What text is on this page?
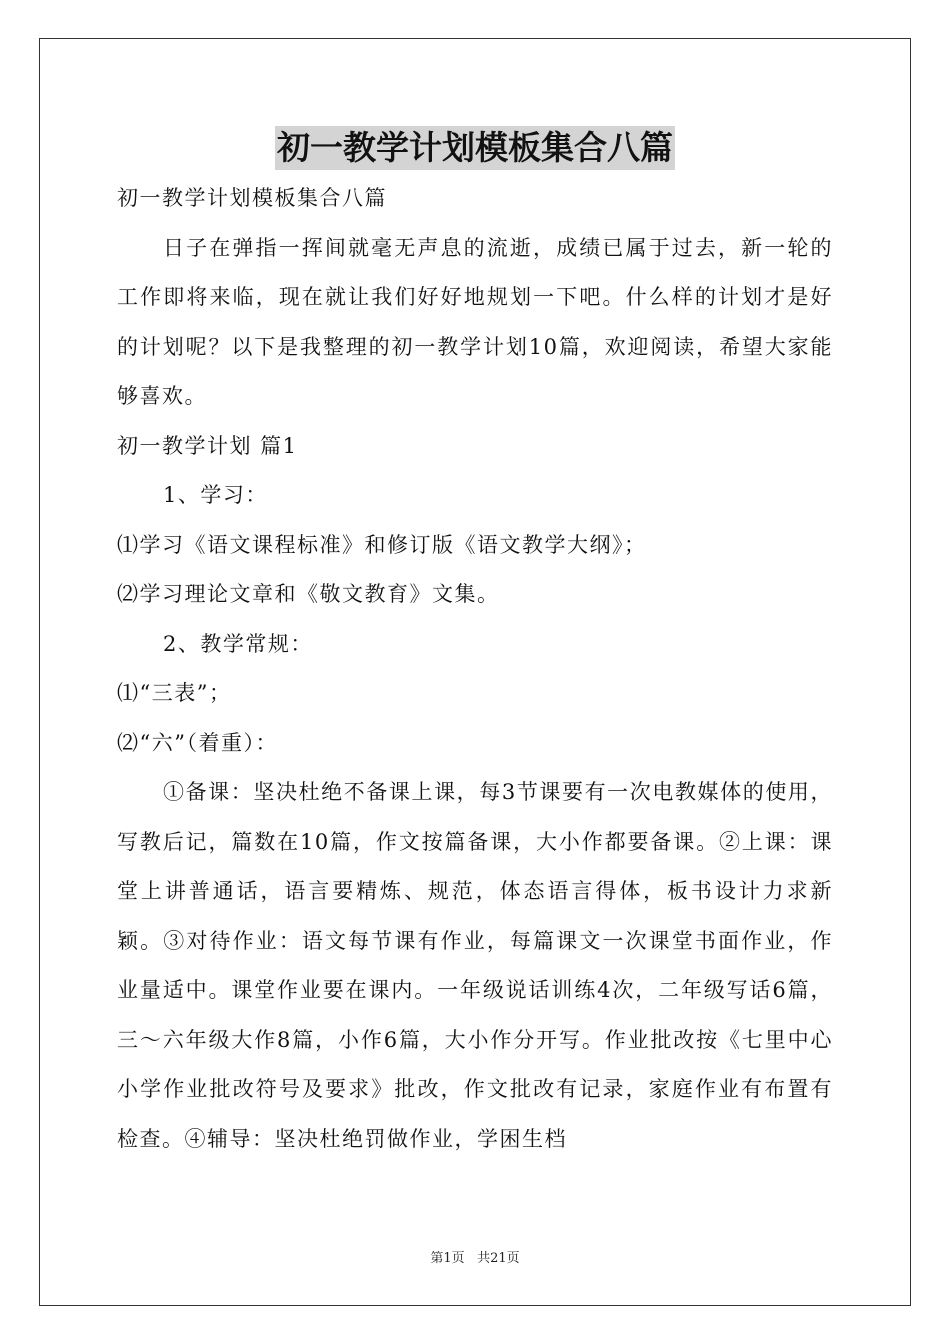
初一教学计划模板集合八篇

初一教学计划模板集合八篇

日子在弹指一挥间就毫无声息的流逝，成绩已属于过去，新一轮的工作即将来临，现在就让我们好好地规划一下吧。什么样的计划才是好的计划呢？以下是我整理的初一教学计划10篇，欢迎阅读，希望大家能够喜欢。

初一教学计划 篇1

1、学习：

⑴学习《语文课程标准》和修订版《语文教学大纲》；

⑵学习理论文章和《敬文教育》文集。

2、教学常规：

⑴“三表”；

⑵“六”（着重）：

①备课：坚决杜绝不备课上课，每3节课要有一次电教媒体的使用，写教后记，篇数在10篇，作文按篇备课，大小作都要备课。②上课：课堂上讲普通话，语言要精炼、规范，体态语言得体，板书设计力求新颖。③对待作业：语文每节课有作业，每篇课文一次课堂书面作业，作业量适中。课堂作业要在课内。一年级说话训练4次，二年级写话6篇，三～六年级大作8篇，小作6篇，大小作分开写。作业批改按《七里中心小学作业批改符号及要求》批改，作文批改有记录，家庭作业有布置有检查。④辅导：坚决杜绝罚做作业，学困生档

第1页 共21页
